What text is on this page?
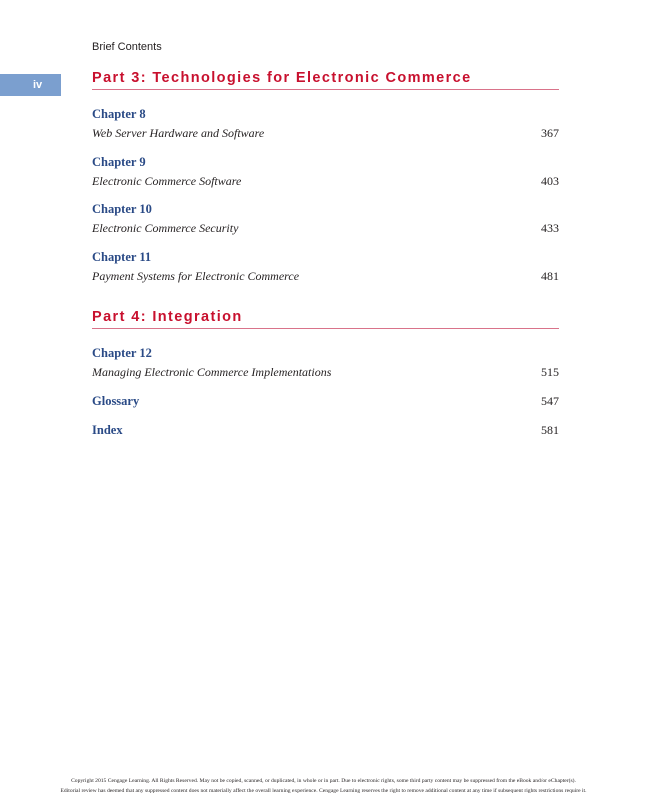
Brief Contents
iv	Part 3: Technologies for Electronic Commerce
Chapter 8
Web Server Hardware and Software	367
Chapter 9
Electronic Commerce Software	403
Chapter 10
Electronic Commerce Security	433
Chapter 11
Payment Systems for Electronic Commerce	481
Part 4: Integration
Chapter 12
Managing Electronic Commerce Implementations	515
Glossary	547
Index	581
Copyright 2015 Cengage Learning. All Rights Reserved. May not be copied, scanned, or duplicated, in whole or in part. Due to electronic rights, some third party content may be suppressed from the eBook and/or eChapter(s).
Editorial review has deemed that any suppressed content does not materially affect the overall learning experience. Cengage Learning reserves the right to remove additional content at any time if subsequent rights restrictions require it.
